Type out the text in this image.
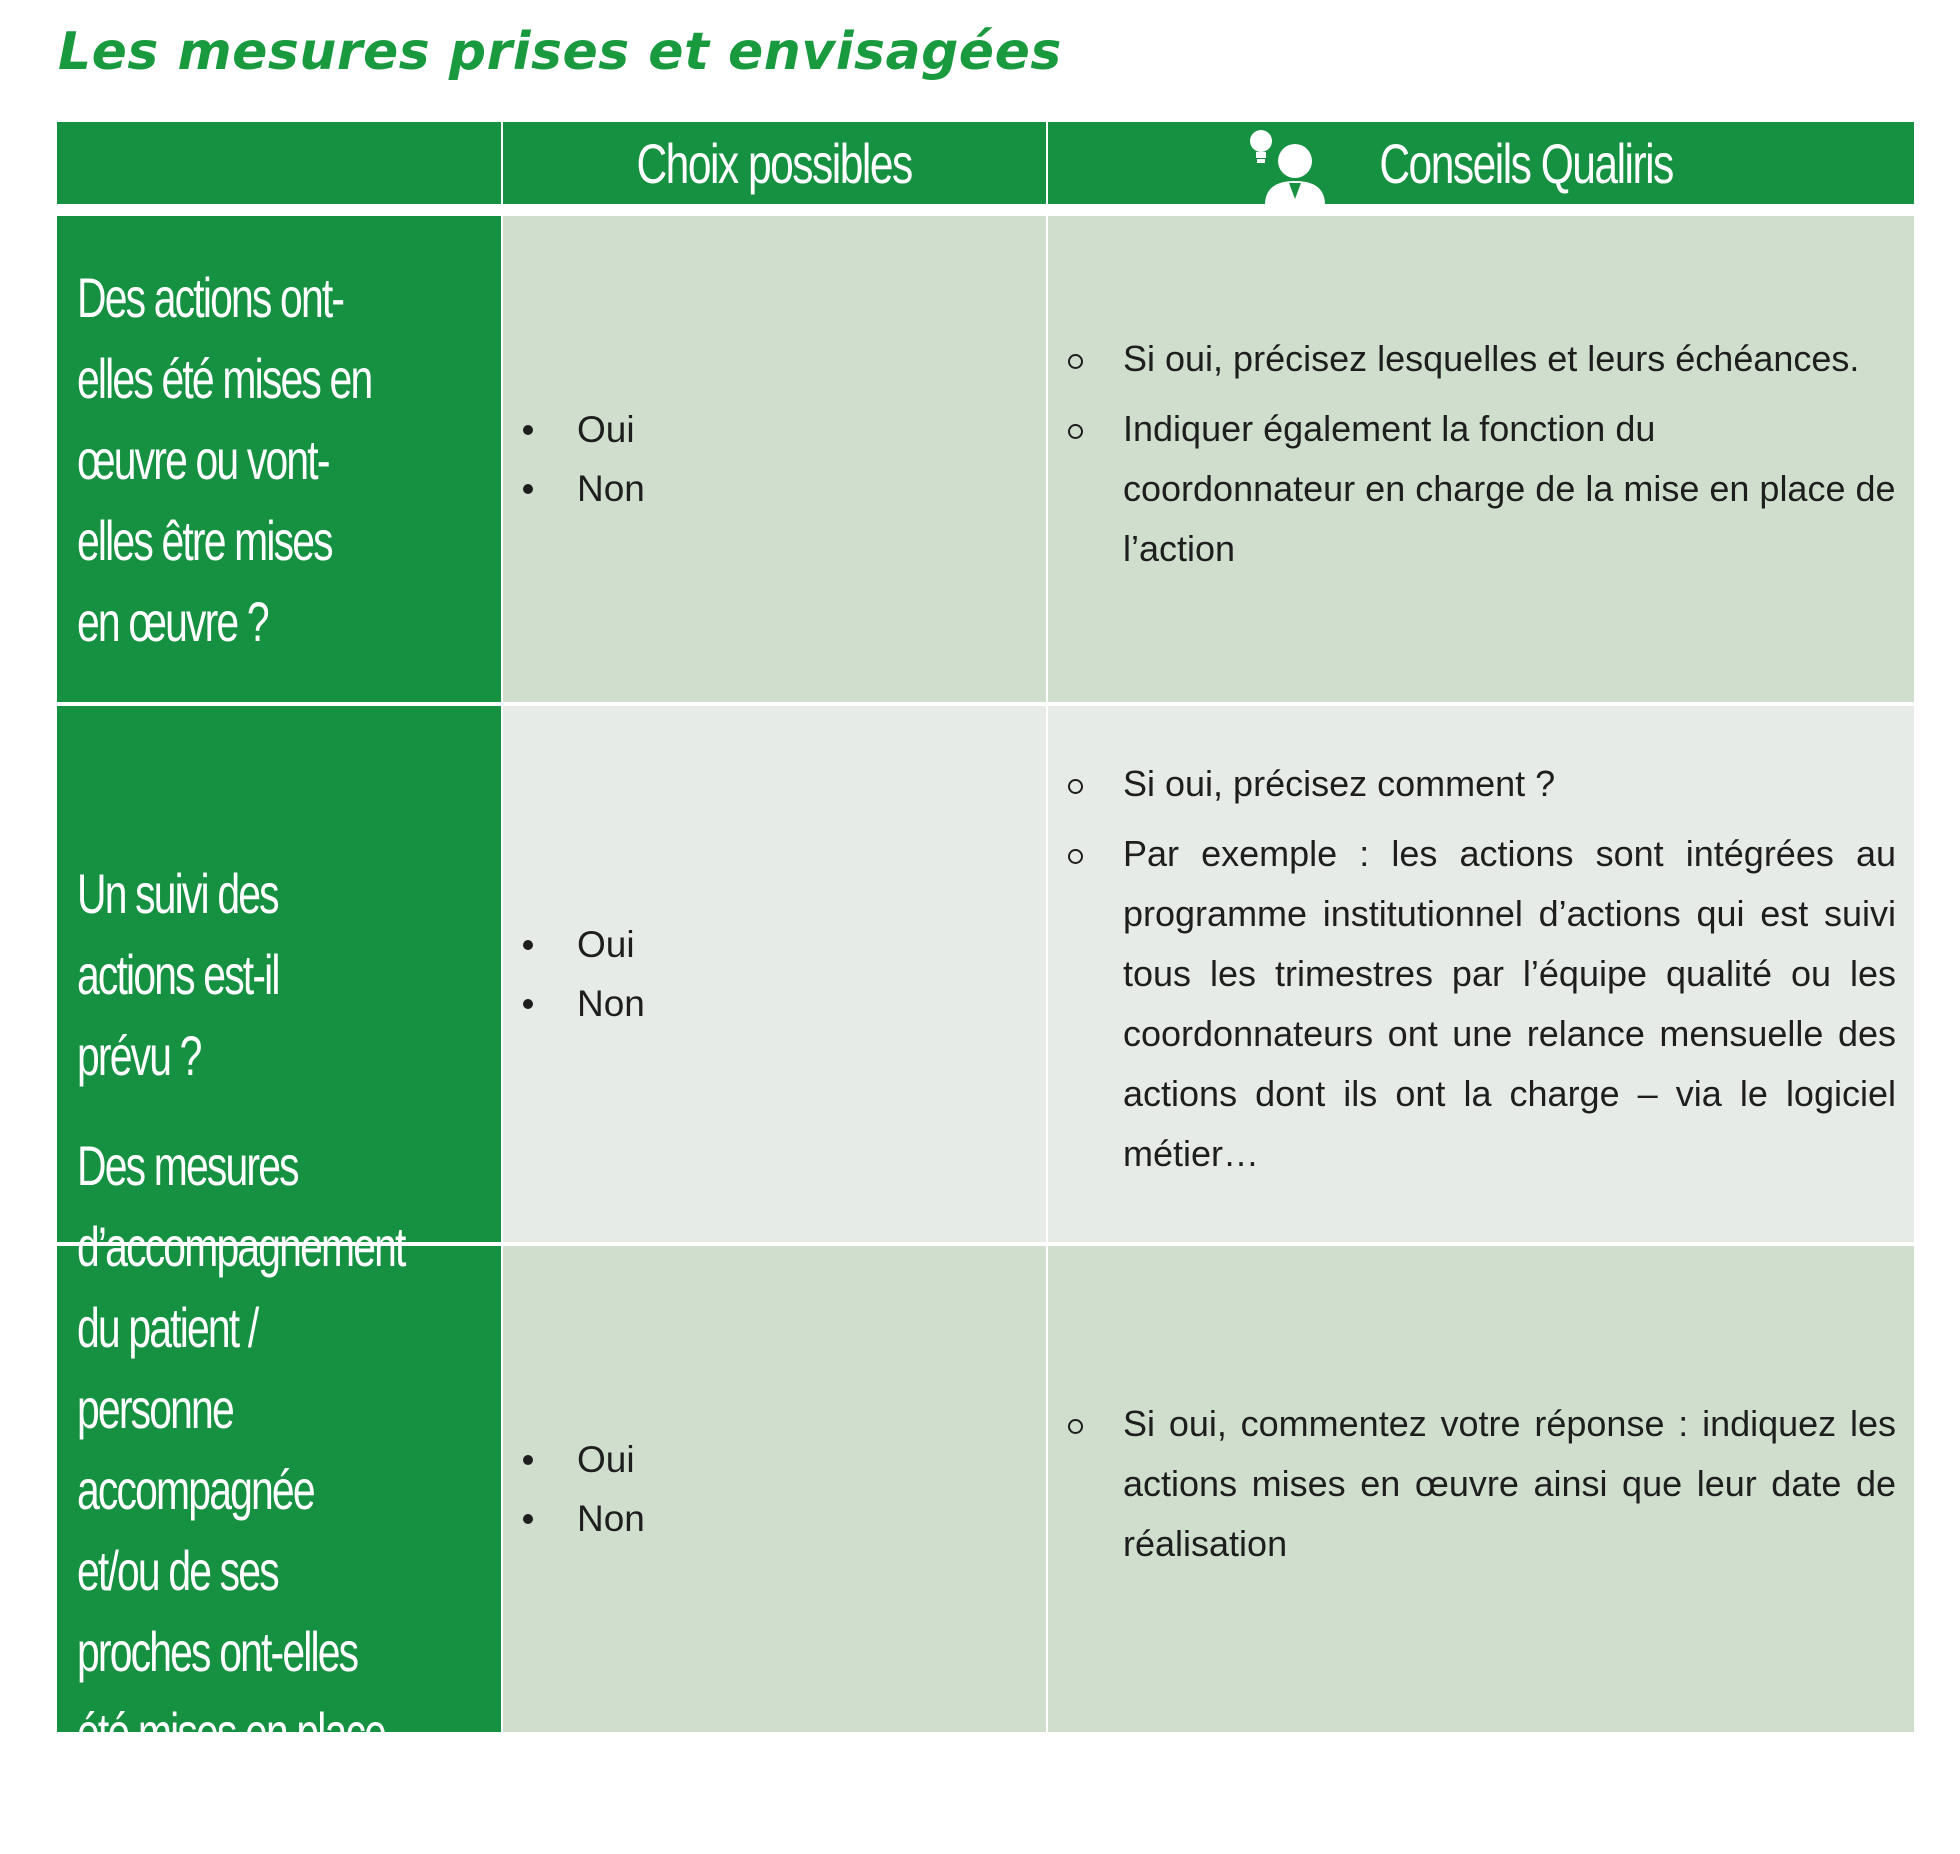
Les mesures prises et envisagées
Choix possibles	Conseils Qualiris
Des actions ont-elles été mises en œuvre ou vont-elles être mises en œuvre ?
Oui
Non
Si oui, précisez lesquelles et leurs échéances.
Indiquer également la fonction du coordonnateur en charge de la mise en place de l’action
Un suivi des actions est-il prévu ?
Oui
Non
Si oui, précisez comment ?
Par exemple : les actions sont intégrées au programme institutionnel d’actions qui est suivi tous les trimestres par l’équipe qualité ou les coordonnateurs ont une relance mensuelle des actions dont ils ont la charge – via le logiciel métier…
Des mesures d’accompagnement du patient / personne accompagnée et/ou de ses proches ont-elles été mises en place ?
Oui
Non
Si oui, commentez votre réponse : indiquez les actions mises en œuvre ainsi que leur date de réalisation
